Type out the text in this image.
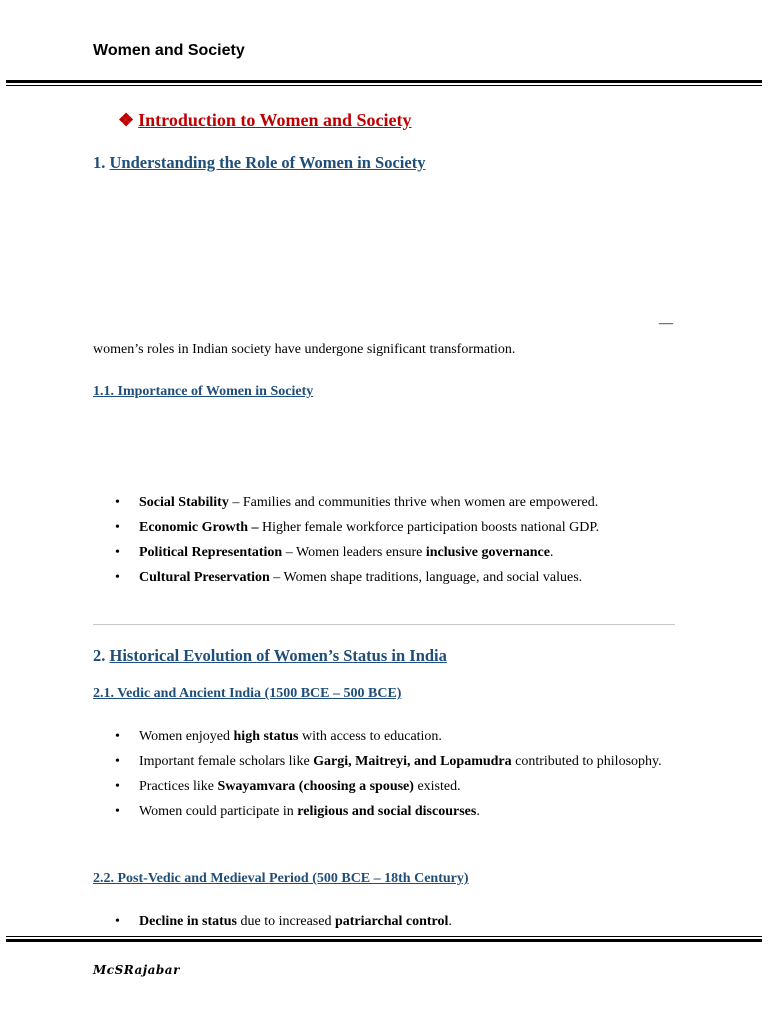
Women and Society
❖ Introduction to Women and Society
1. Understanding the Role of Women in Society
—
women’s roles in Indian society have undergone significant transformation.
1.1. Importance of Women in Society
• Social Stability – Families and communities thrive when women are empowered.
• Economic Growth – Higher female workforce participation boosts national GDP.
• Political Representation – Women leaders ensure inclusive governance.
• Cultural Preservation – Women shape traditions, language, and social values.
2. Historical Evolution of Women’s Status in India
2.1. Vedic and Ancient India (1500 BCE – 500 BCE)
• Women enjoyed high status with access to education.
• Important female scholars like Gargi, Maitreyi, and Lopamudra contributed to philosophy.
• Practices like Swayamvara (choosing a spouse) existed.
• Women could participate in religious and social discourses.
2.2. Post-Vedic and Medieval Period (500 BCE – 18th Century)
• Decline in status due to increased patriarchal control.
McSRajabar
